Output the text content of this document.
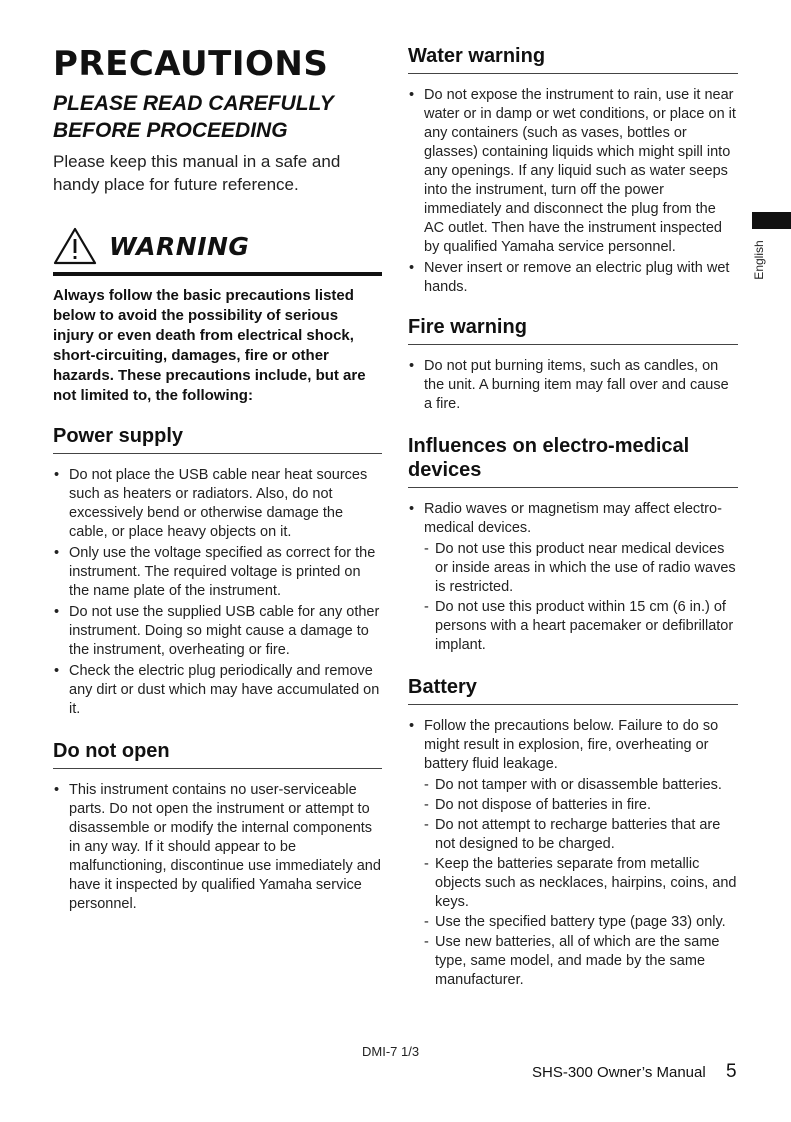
PRECAUTIONS
PLEASE READ CAREFULLY
BEFORE PROCEEDING

Please keep this manual in a safe and handy place for future reference.

WARNING

Always follow the basic precautions listed below to avoid the possibility of serious injury or even death from electrical shock, short-circuiting, damages, fire or other hazards. These precautions include, but are not limited to, the following:

Power supply
• Do not place the USB cable near heat sources such as heaters or radiators. Also, do not excessively bend or otherwise damage the cable, or place heavy objects on it.
• Only use the voltage specified as correct for the instrument. The required voltage is printed on the name plate of the instrument.
• Do not use the supplied USB cable for any other instrument. Doing so might cause a damage to the instrument, overheating or fire.
• Check the electric plug periodically and remove any dirt or dust which may have accumulated on it.
Do not open
• This instrument contains no user-serviceable parts. Do not open the instrument or attempt to disassemble or modify the internal components in any way. If it should appear to be malfunctioning, discontinue use immediately and have it inspected by qualified Yamaha service personnel.
Water warning
• Do not expose the instrument to rain, use it near water or in damp or wet conditions, or place on it any containers (such as vases, bottles or glasses) containing liquids which might spill into any openings. If any liquid such as water seeps into the instrument, turn off the power immediately and disconnect the plug from the AC outlet. Then have the instrument inspected by qualified Yamaha service personnel.
• Never insert or remove an electric plug with wet hands.
Fire warning
• Do not put burning items, such as candles, on the unit. A burning item may fall over and cause a fire.
Influences on electro-medical devices
• Radio waves or magnetism may affect electro-medical devices.
- Do not use this product near medical devices or inside areas in which the use of radio waves is restricted.
- Do not use this product within 15 cm (6 in.) of persons with a heart pacemaker or defibrillator implant.
Battery
• Follow the precautions below. Failure to do so might result in explosion, fire, overheating or battery fluid leakage.
- Do not tamper with or disassemble batteries.
- Do not dispose of batteries in fire.
- Do not attempt to recharge batteries that are not designed to be charged.
- Keep the batteries separate from metallic objects such as necklaces, hairpins, coins, and keys.
- Use the specified battery type (page 33) only.
- Use new batteries, all of which are the same type, same model, and made by the same manufacturer.
English
DMI-7 1/3
SHS-300 Owner’s Manual 5
